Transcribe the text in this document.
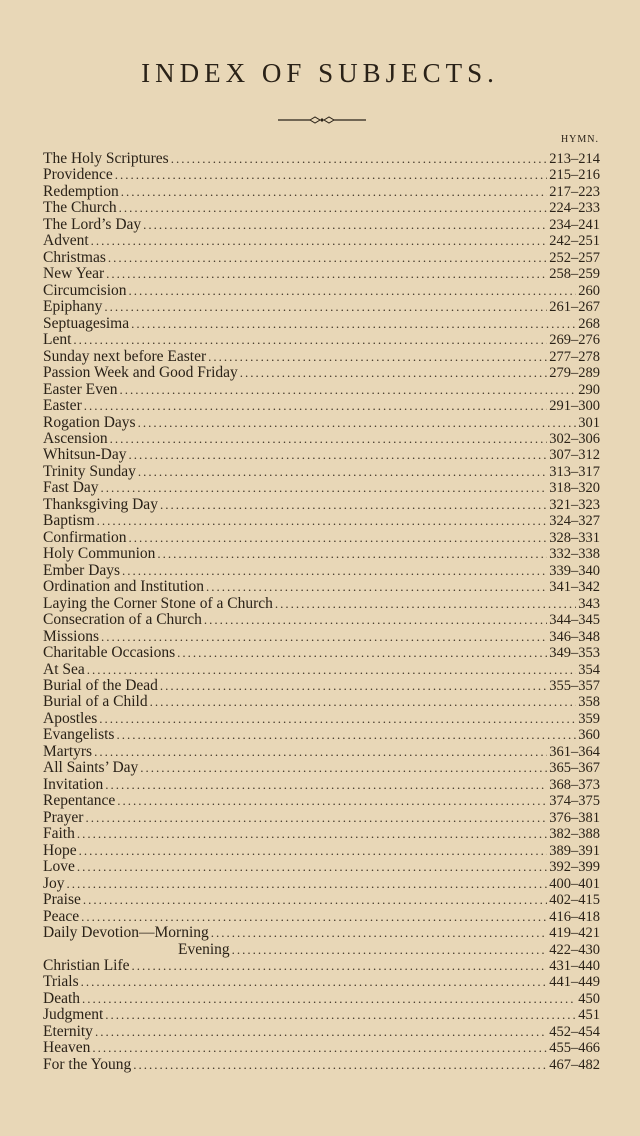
INDEX OF SUBJECTS.
HYMN.
The Holy Scriptures .....	213–214
Providence .....	215–216
Redemption .....	217–223
The Church .....	224–233
The Lord’s Day .....	234–241
Advent .....	242–251
Christmas .....	252–257
New Year .....	258–259
Circumcision .....	260
Epiphany .....	261–267
Septuagesima .....	268
Lent .....	269–276
Sunday next before Easter .....	277–278
Passion Week and Good Friday .....	279–289
Easter Even .....	290
Easter .....	291–300
Rogation Days .....	301
Ascension .....	302–306
Whitsun-Day .....	307–312
Trinity Sunday .....	313–317
Fast Day .....	318–320
Thanksgiving Day .....	321–323
Baptism .....	324–327
Confirmation .....	328–331
Holy Communion .....	332–338
Ember Days .....	339–340
Ordination and Institution .....	341–342
Laying the Corner Stone of a Church .....	343
Consecration of a Church .....	344–345
Missions .....	346–348
Charitable Occasions .....	349–353
At Sea .....	354
Burial of the Dead .....	355–357
Burial of a Child .....	358
Apostles .....	359
Evangelists .....	360
Martyrs .....	361–364
All Saints’ Day .....	365–367
Invitation .....	368–373
Repentance .....	374–375
Prayer .....	376–381
Faith .....	382–388
Hope .....	389–391
Love .....	392–399
Joy .....	400–401
Praise .....	402–415
Peace .....	416–418
Daily Devotion—Morning .....	419–421
Evening .....	422–430
Christian Life .....	431–440
Trials .....	441–449
Death .....	450
Judgment .....	451
Eternity .....	452–454
Heaven .....	455–466
For the Young .....	467–482
